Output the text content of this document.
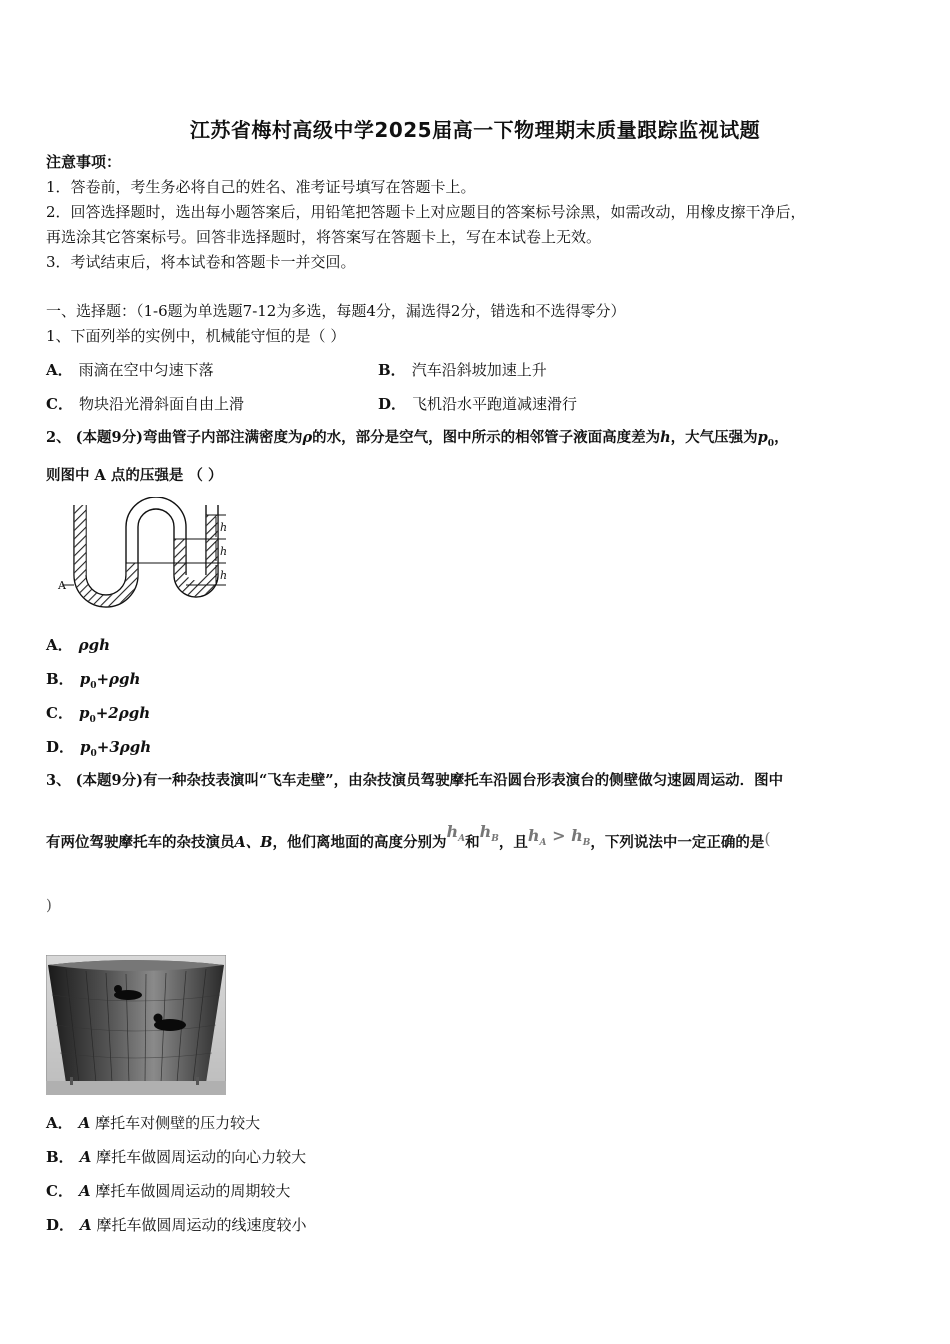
江苏省梅村高级中学2025届高一下物理期末质量跟踪监视试题
注意事项：
1．答卷前，考生务必将自己的姓名、准考证号填写在答题卡上。
2．回答选择题时，选出每小题答案后，用铅笔把答题卡上对应题目的答案标号涂黑，如需改动，用橡皮擦干净后，
再选涂其它答案标号。回答非选择题时，将答案写在答题卡上，写在本试卷上无效。
3．考试结束后，将本试卷和答题卡一并交回。
一、选择题：（1-6题为单选题7-12为多选，每题4分，漏选得2分，错选和不选得零分）
1、下面列举的实例中，机械能守恒的是（ ）
A． 雨滴在空中匀速下落	B． 汽车沿斜坡加速上升
C． 物块沿光滑斜面自由上滑	D． 飞机沿水平跑道减速滑行
2、 (本题9分)弯曲管子内部注满密度为ρ的水，部分是空气，图中所示的相邻管子液面高度差为h，大气压强为$p_0$，
则图中 A 点的压强是 （ ）
h
h
h
A
A． ρgh
B． $p_0+\rho gh$
C． $p_0+2\rho gh$
D． $p_0+3\rho gh$
3、 (本题9分)有一种杂技表演叫“飞车走壁”，由杂技演员驾驶摩托车沿圆台形表演台的侧壁做匀速圆周运动．图中
有两位驾驶摩托车的杂技演员A、B，他们离地面的高度分别为$h_A$和$h_B$，且$h_A > h_B$，下列说法中一定正确的是(
)
A． A 摩托车对侧壁的压力较大
B． A 摩托车做圆周运动的向心力较大
C． A 摩托车做圆周运动的周期较大
D． A 摩托车做圆周运动的线速度较小
